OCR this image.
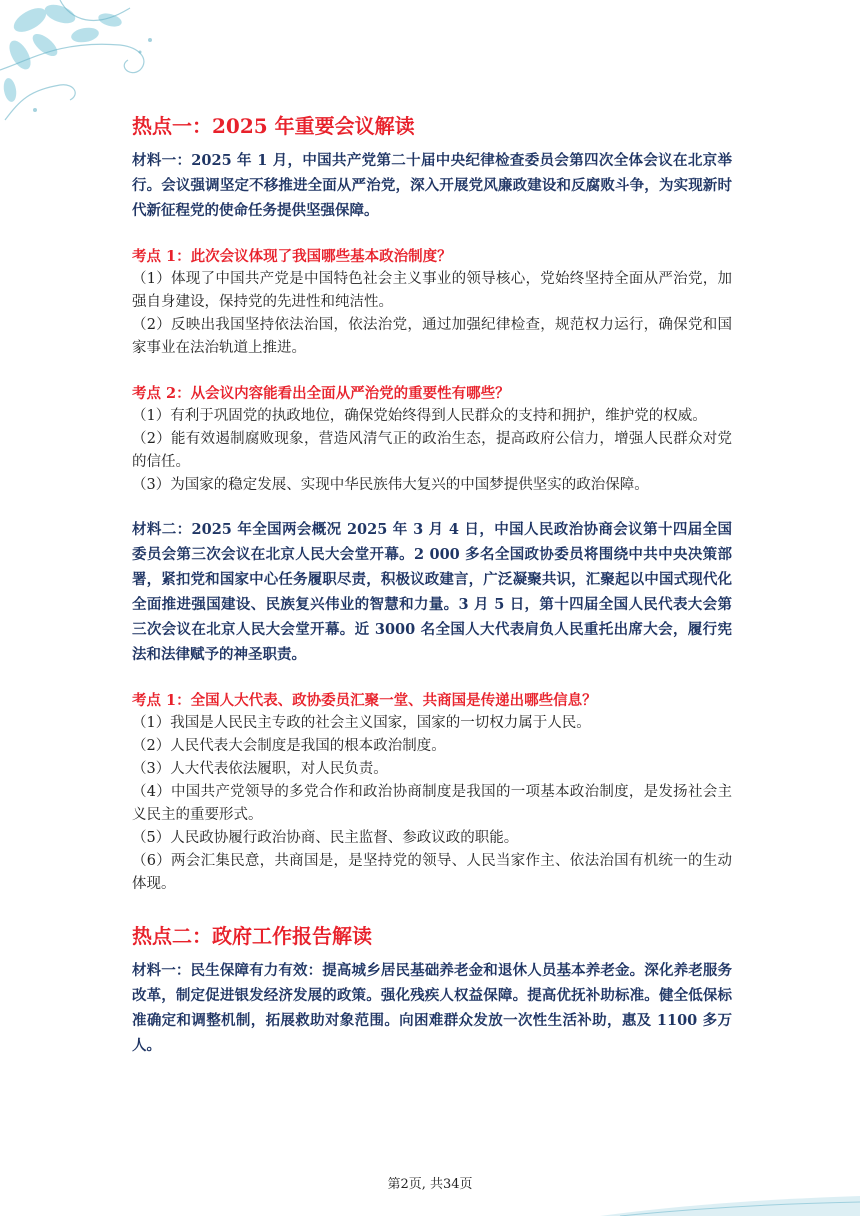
热点一：2025 年重要会议解读

材料一：2025 年 1 月，中国共产党第二十届中央纪律检查委员会第四次全体会议在北京举行。会议强调坚定不移推进全面从严治党，深入开展党风廉政建设和反腐败斗争，为实现新时代新征程党的使命任务提供坚强保障。

考点 1：此次会议体现了我国哪些基本政治制度？

（1）体现了中国共产党是中国特色社会主义事业的领导核心，党始终坚持全面从严治党，加强自身建设，保持党的先进性和纯洁性。

（2）反映出我国坚持依法治国，依法治党，通过加强纪律检查，规范权力运行，确保党和国家事业在法治轨道上推进。

考点 2：从会议内容能看出全面从严治党的重要性有哪些？

（1）有利于巩固党的执政地位，确保党始终得到人民群众的支持和拥护，维护党的权威。

（2）能有效遏制腐败现象，营造风清气正的政治生态，提高政府公信力，增强人民群众对党的信任。

（3）为国家的稳定发展、实现中华民族伟大复兴的中国梦提供坚实的政治保障。

材料二：2025 年全国两会概况 2025 年 3 月 4 日，中国人民政治协商会议第十四届全国委员会第三次会议在北京人民大会堂开幕。2 000 多名全国政协委员将围绕中共中央决策部署，紧扣党和国家中心任务履职尽责，积极议政建言，广泛凝聚共识，汇聚起以中国式现代化全面推进强国建设、民族复兴伟业的智慧和力量。3 月 5 日，第十四届全国人民代表大会第三次会议在北京人民大会堂开幕。近 3000 名全国人大代表肩负人民重托出席大会，履行宪法和法律赋予的神圣职责。

考点 1：全国人大代表、政协委员汇聚一堂、共商国是传递出哪些信息？

（1）我国是人民民主专政的社会主义国家，国家的一切权力属于人民。

（2）人民代表大会制度是我国的根本政治制度。

（3）人大代表依法履职，对人民负责。

（4）中国共产党领导的多党合作和政治协商制度是我国的一项基本政治制度，是发扬社会主义民主的重要形式。

（5）人民政协履行政治协商、民主监督、参政议政的职能。

（6）两会汇集民意，共商国是，是坚持党的领导、人民当家作主、依法治国有机统一的生动体现。

热点二：政府工作报告解读

材料一：民生保障有力有效：提高城乡居民基础养老金和退休人员基本养老金。深化养老服务改革，制定促进银发经济发展的政策。强化残疾人权益保障。提高优抚补助标准。健全低保标准确定和调整机制，拓展救助对象范围。向困难群众发放一次性生活补助，惠及 1100 多万人。

第2页, 共34页
